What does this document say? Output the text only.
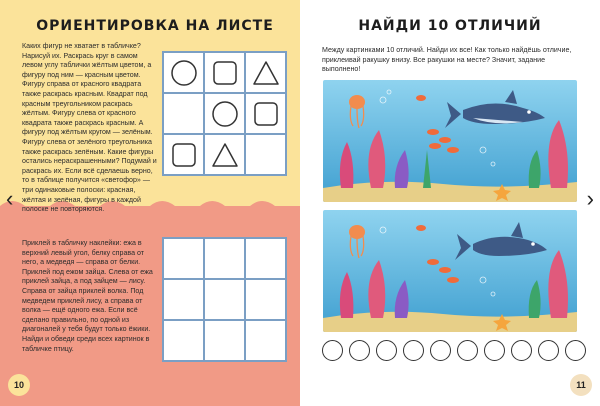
ОРИЕНТИРОВКА НА ЛИСТЕ
Каких фигур не хватает в табличке? Нарисуй их. Раскрась круг в самом левом углу таблички жёлтым цветом, а фигуру под ним — красным цветом. Фигуру справа от красного квадрата также раскрась красным. Квадрат под красным треугольником раскрась жёлтым. Фигуру слева от красного квадрата также раскрась красным. А фигуру под жёлтым кругом — зелёным. Фигуру слева от зелёного треугольника также раскрась зелёным. Какие фигуры остались нераскрашенными? Подумай и раскрась их. Если всё сделаешь верно, то в таблице получится «светофор» — три одинаковые полоски: красная, жёлтая и зелёная, фигуры в каждой полоске не повторяются.
Приклей в табличку наклейки: ежа в верхний левый угол, белку справа от него, а медведя — справа от белки. Приклей под ежом зайца. Слева от ежа приклей зайца, а под зайцем — лису. Справа от зайца приклей волка. Под медведем приклей лису, а справа от волка — ещё одного ежа. Если всё сделано правильно, по одной из диагоналей у тебя будут только ёжики. Найди и обведи среди всех картинок в табличке птицу.
‹
10
НАЙДИ 10 ОТЛИЧИЙ
Между картинками 10 отличий. Найди их все! Как только найдёшь отличие, приклеивай ракушку внизу. Все ракушки на месте? Значит, задание выполнено!
›
11
